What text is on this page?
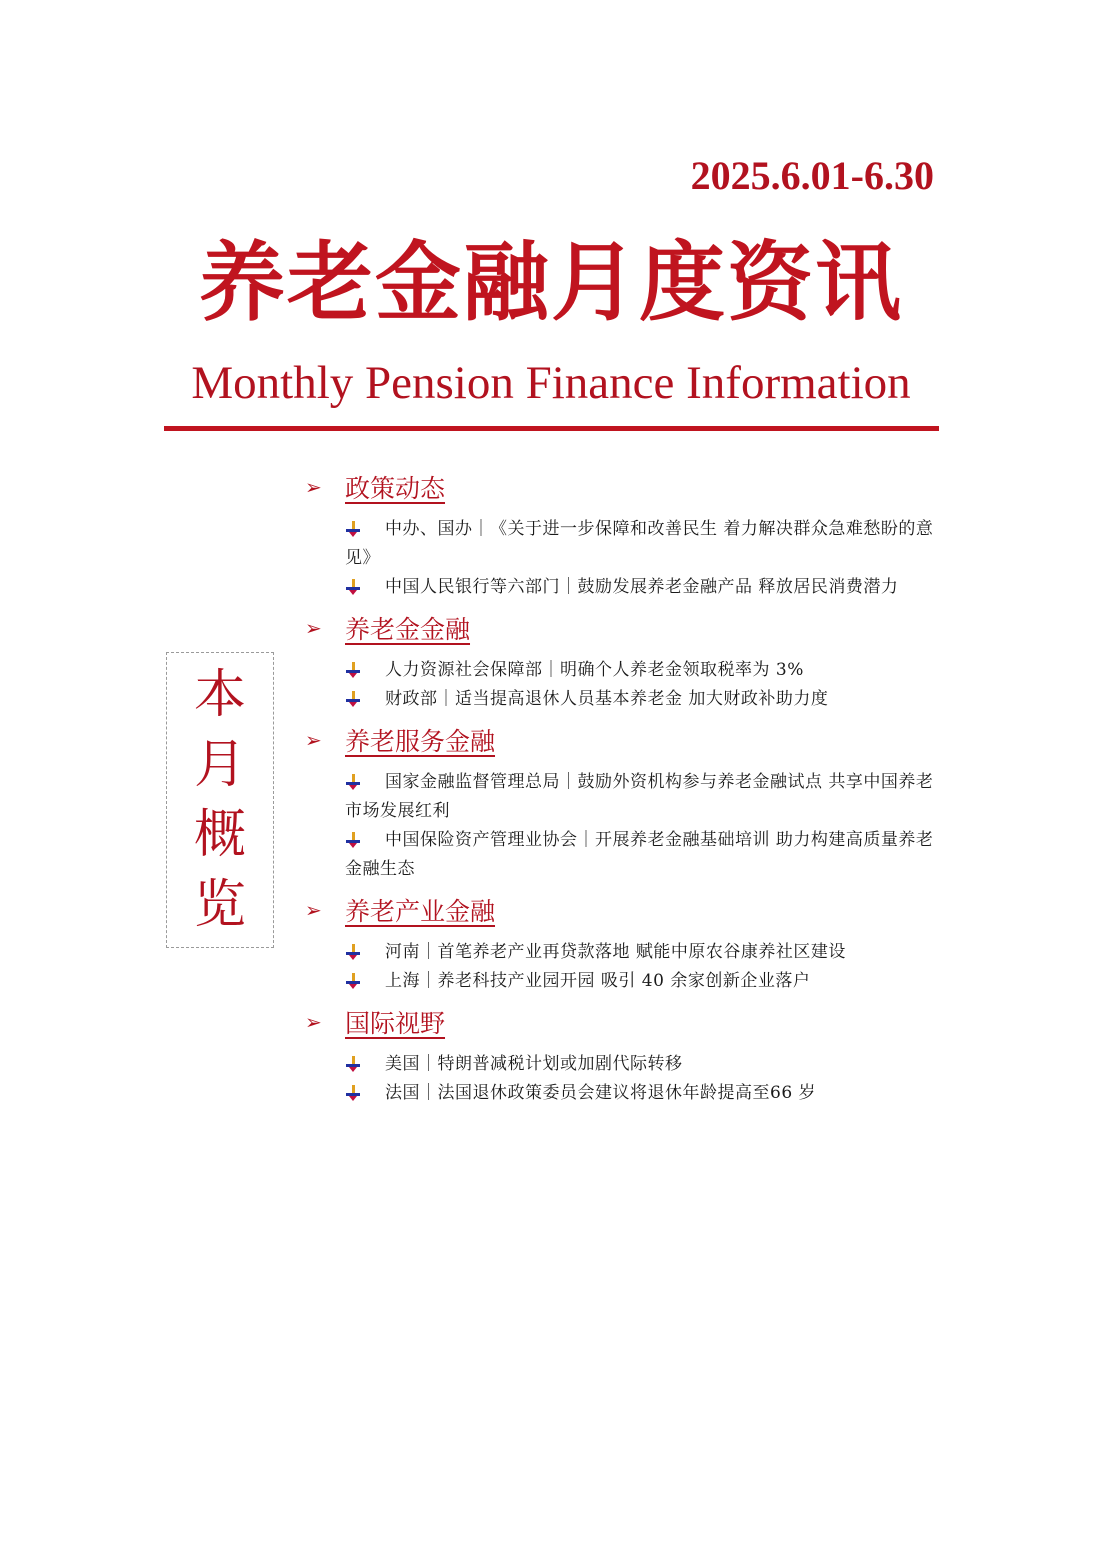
2025.6.01-6.30
养老金融月度资讯
Monthly Pension Finance Information
本
月
概
览
➢ 政策动态
中办、国办｜《关于进一步保障和改善民生 着力解决群众急难愁盼的意见》
中国人民银行等六部门｜鼓励发展养老金融产品 释放居民消费潜力
➢ 养老金金融
人力资源社会保障部｜明确个人养老金领取税率为 3%
财政部｜适当提高退休人员基本养老金 加大财政补助力度
➢ 养老服务金融
国家金融监督管理总局｜鼓励外资机构参与养老金融试点 共享中国养老市场发展红利
中国保险资产管理业协会｜开展养老金融基础培训 助力构建高质量养老金融生态
➢ 养老产业金融
河南｜首笔养老产业再贷款落地 赋能中原农谷康养社区建设
上海｜养老科技产业园开园 吸引 40 余家创新企业落户
➢ 国际视野
美国｜特朗普减税计划或加剧代际转移
法国｜法国退休政策委员会建议将退休年龄提高至66 岁
